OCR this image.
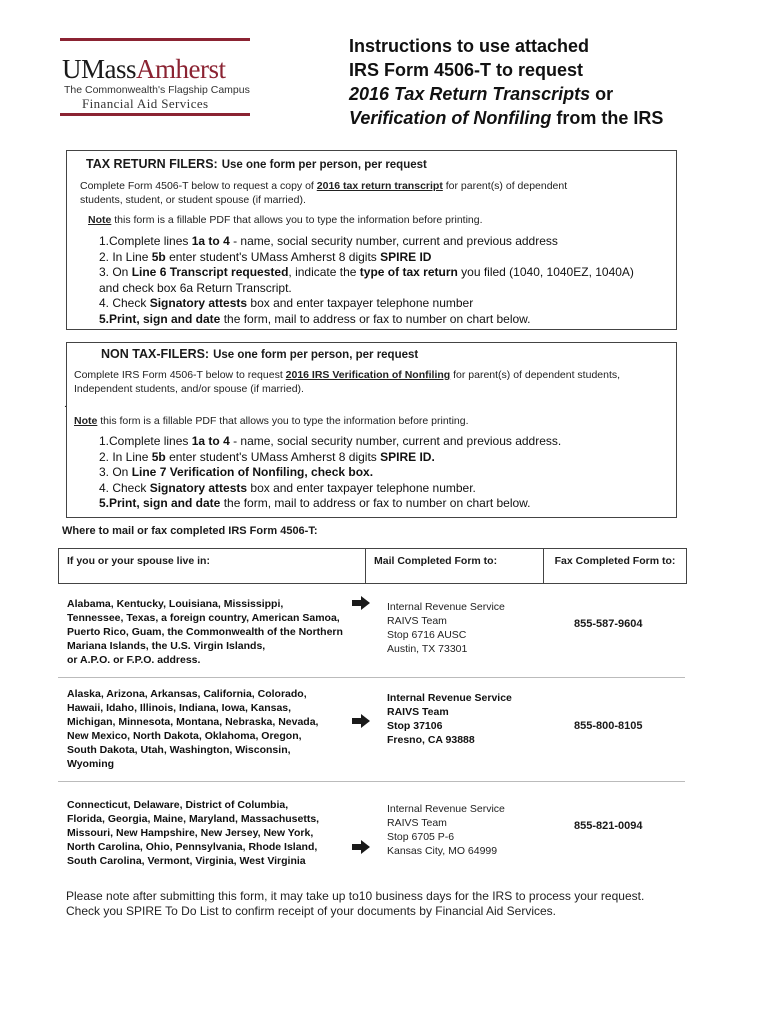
UMassAmherst
The Commonwealth's Flagship Campus
Financial Aid Services
Instructions to use attached
IRS Form 4506-T to request
2016 Tax Return Transcripts or
Verification of Nonfiling from the IRS
TAX RETURN FILERS: Use one form per person, per request
Complete Form 4506-T below to request a copy of 2016 tax return transcript for parent(s) of dependent
students, student, or student spouse (if married).
Note this form is a fillable PDF that allows you to type the information before printing.
1.Complete lines 1a to 4 - name, social security number, current and previous address
2. In Line 5b enter student's UMass Amherst 8 digits SPIRE ID
3. On Line 6 Transcript requested, indicate the type of tax return you filed (1040, 1040EZ, 1040A)
and check box 6a Return Transcript.
4. Check Signatory attests box and enter taxpayer telephone number
5.Print, sign and date the form, mail to address or fax to number on chart below.
NON TAX-FILERS: Use one form per person, per request
Complete IRS Form 4506-T below to request 2016 IRS Verification of Nonfiling for parent(s) of dependent students,
Independent students, and/or spouse (if married).
.
Note this form is a fillable PDF that allows you to type the information before printing.
1.Complete lines 1a to 4 - name, social security number, current and previous address.
2. In Line 5b enter student's UMass Amherst 8 digits SPIRE ID.
3. On Line 7 Verification of Nonfiling, check box.
4. Check Signatory attests box and enter taxpayer telephone number.
5.Print, sign and date the form, mail to address or fax to number on chart below.
Where to mail or fax completed IRS Form 4506-T:
If you or your spouse live in:	Mail Completed Form to:	Fax Completed Form to:
Alabama, Kentucky, Louisiana, Mississippi,
Tennessee, Texas, a foreign country, American Samoa,
Puerto Rico, Guam, the Commonwealth of the Northern
Mariana Islands, the U.S. Virgin Islands,
or A.P.O. or F.P.O. address.
Internal Revenue Service
RAIVS Team
Stop 6716 AUSC
Austin, TX 73301
855-587-9604
Alaska, Arizona, Arkansas, California, Colorado,
Hawaii, Idaho, Illinois, Indiana, Iowa, Kansas,
Michigan, Minnesota, Montana, Nebraska, Nevada,
New Mexico, North Dakota, Oklahoma, Oregon,
South Dakota, Utah, Washington, Wisconsin,
Wyoming
Internal Revenue Service
RAIVS Team
Stop 37106
Fresno, CA 93888
855-800-8105
Connecticut, Delaware, District of Columbia,
Florida, Georgia, Maine, Maryland, Massachusetts,
Missouri, New Hampshire, New Jersey, New York,
North Carolina, Ohio, Pennsylvania, Rhode Island,
South Carolina, Vermont, Virginia, West Virginia
Internal Revenue Service
RAIVS Team
Stop 6705 P-6
Kansas City, MO 64999
855-821-0094
Please note after submitting this form, it may take up to10 business days for the IRS to process your request.
Check you SPIRE To Do List to confirm receipt of your documents by Financial Aid Services.
